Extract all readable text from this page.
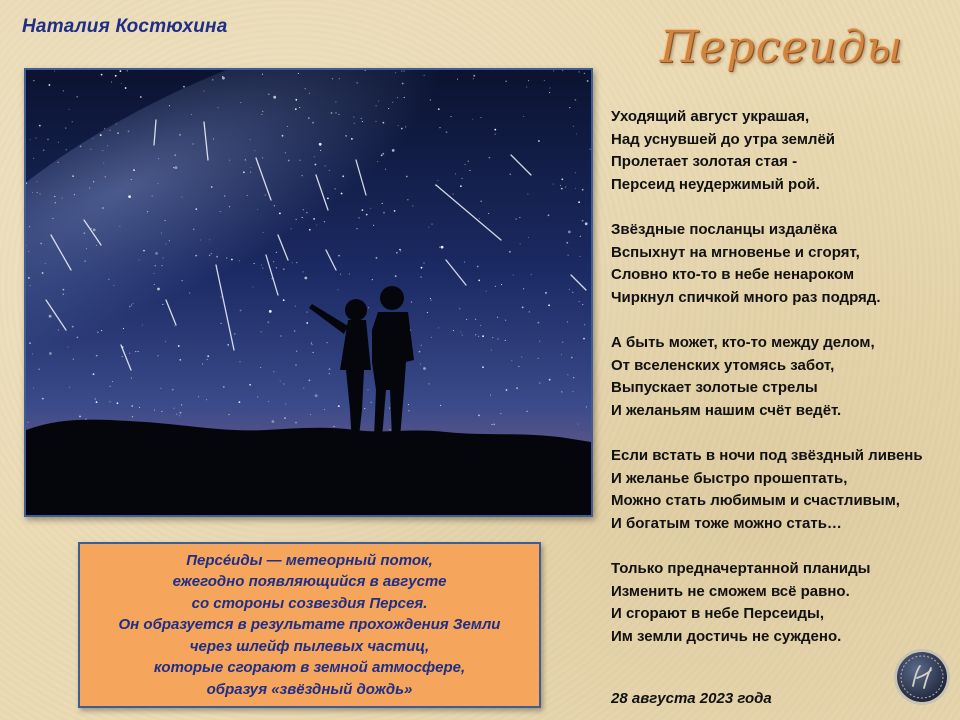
Наталия Костюхина	Персеиды
Персе́иды — метеорный поток,
ежегодно появляющийся в августе
со стороны созвездия Персея.
Он образуется в результате прохождения Земли
через шлейф пылевых частиц,
которые сгорают в земной атмосфере,
образуя «звёздный дождь»
Уходящий август украшая,
Над уснувшей до утра землёй
Пролетает золотая стая -
Персеид неудержимый рой.
Звёздные посланцы издалёка
Вспыхнут на мгновенье и сгорят,
Словно кто-то в небе ненароком
Чиркнул спичкой много раз подряд.
А быть может, кто-то между делом,
От вселенских утомясь забот,
Выпускает золотые стрелы
И желаньям нашим счёт ведёт.
Если встать в ночи под звёздный ливень
И желанье быстро прошептать,
Можно стать любимым и счастливым,
И богатым тоже можно стать…
Только предначертанной планиды
Изменить не сможем всё равно.
И сгорают в небе Персеиды,
Им земли достичь не суждено.
28 августа 2023 года
